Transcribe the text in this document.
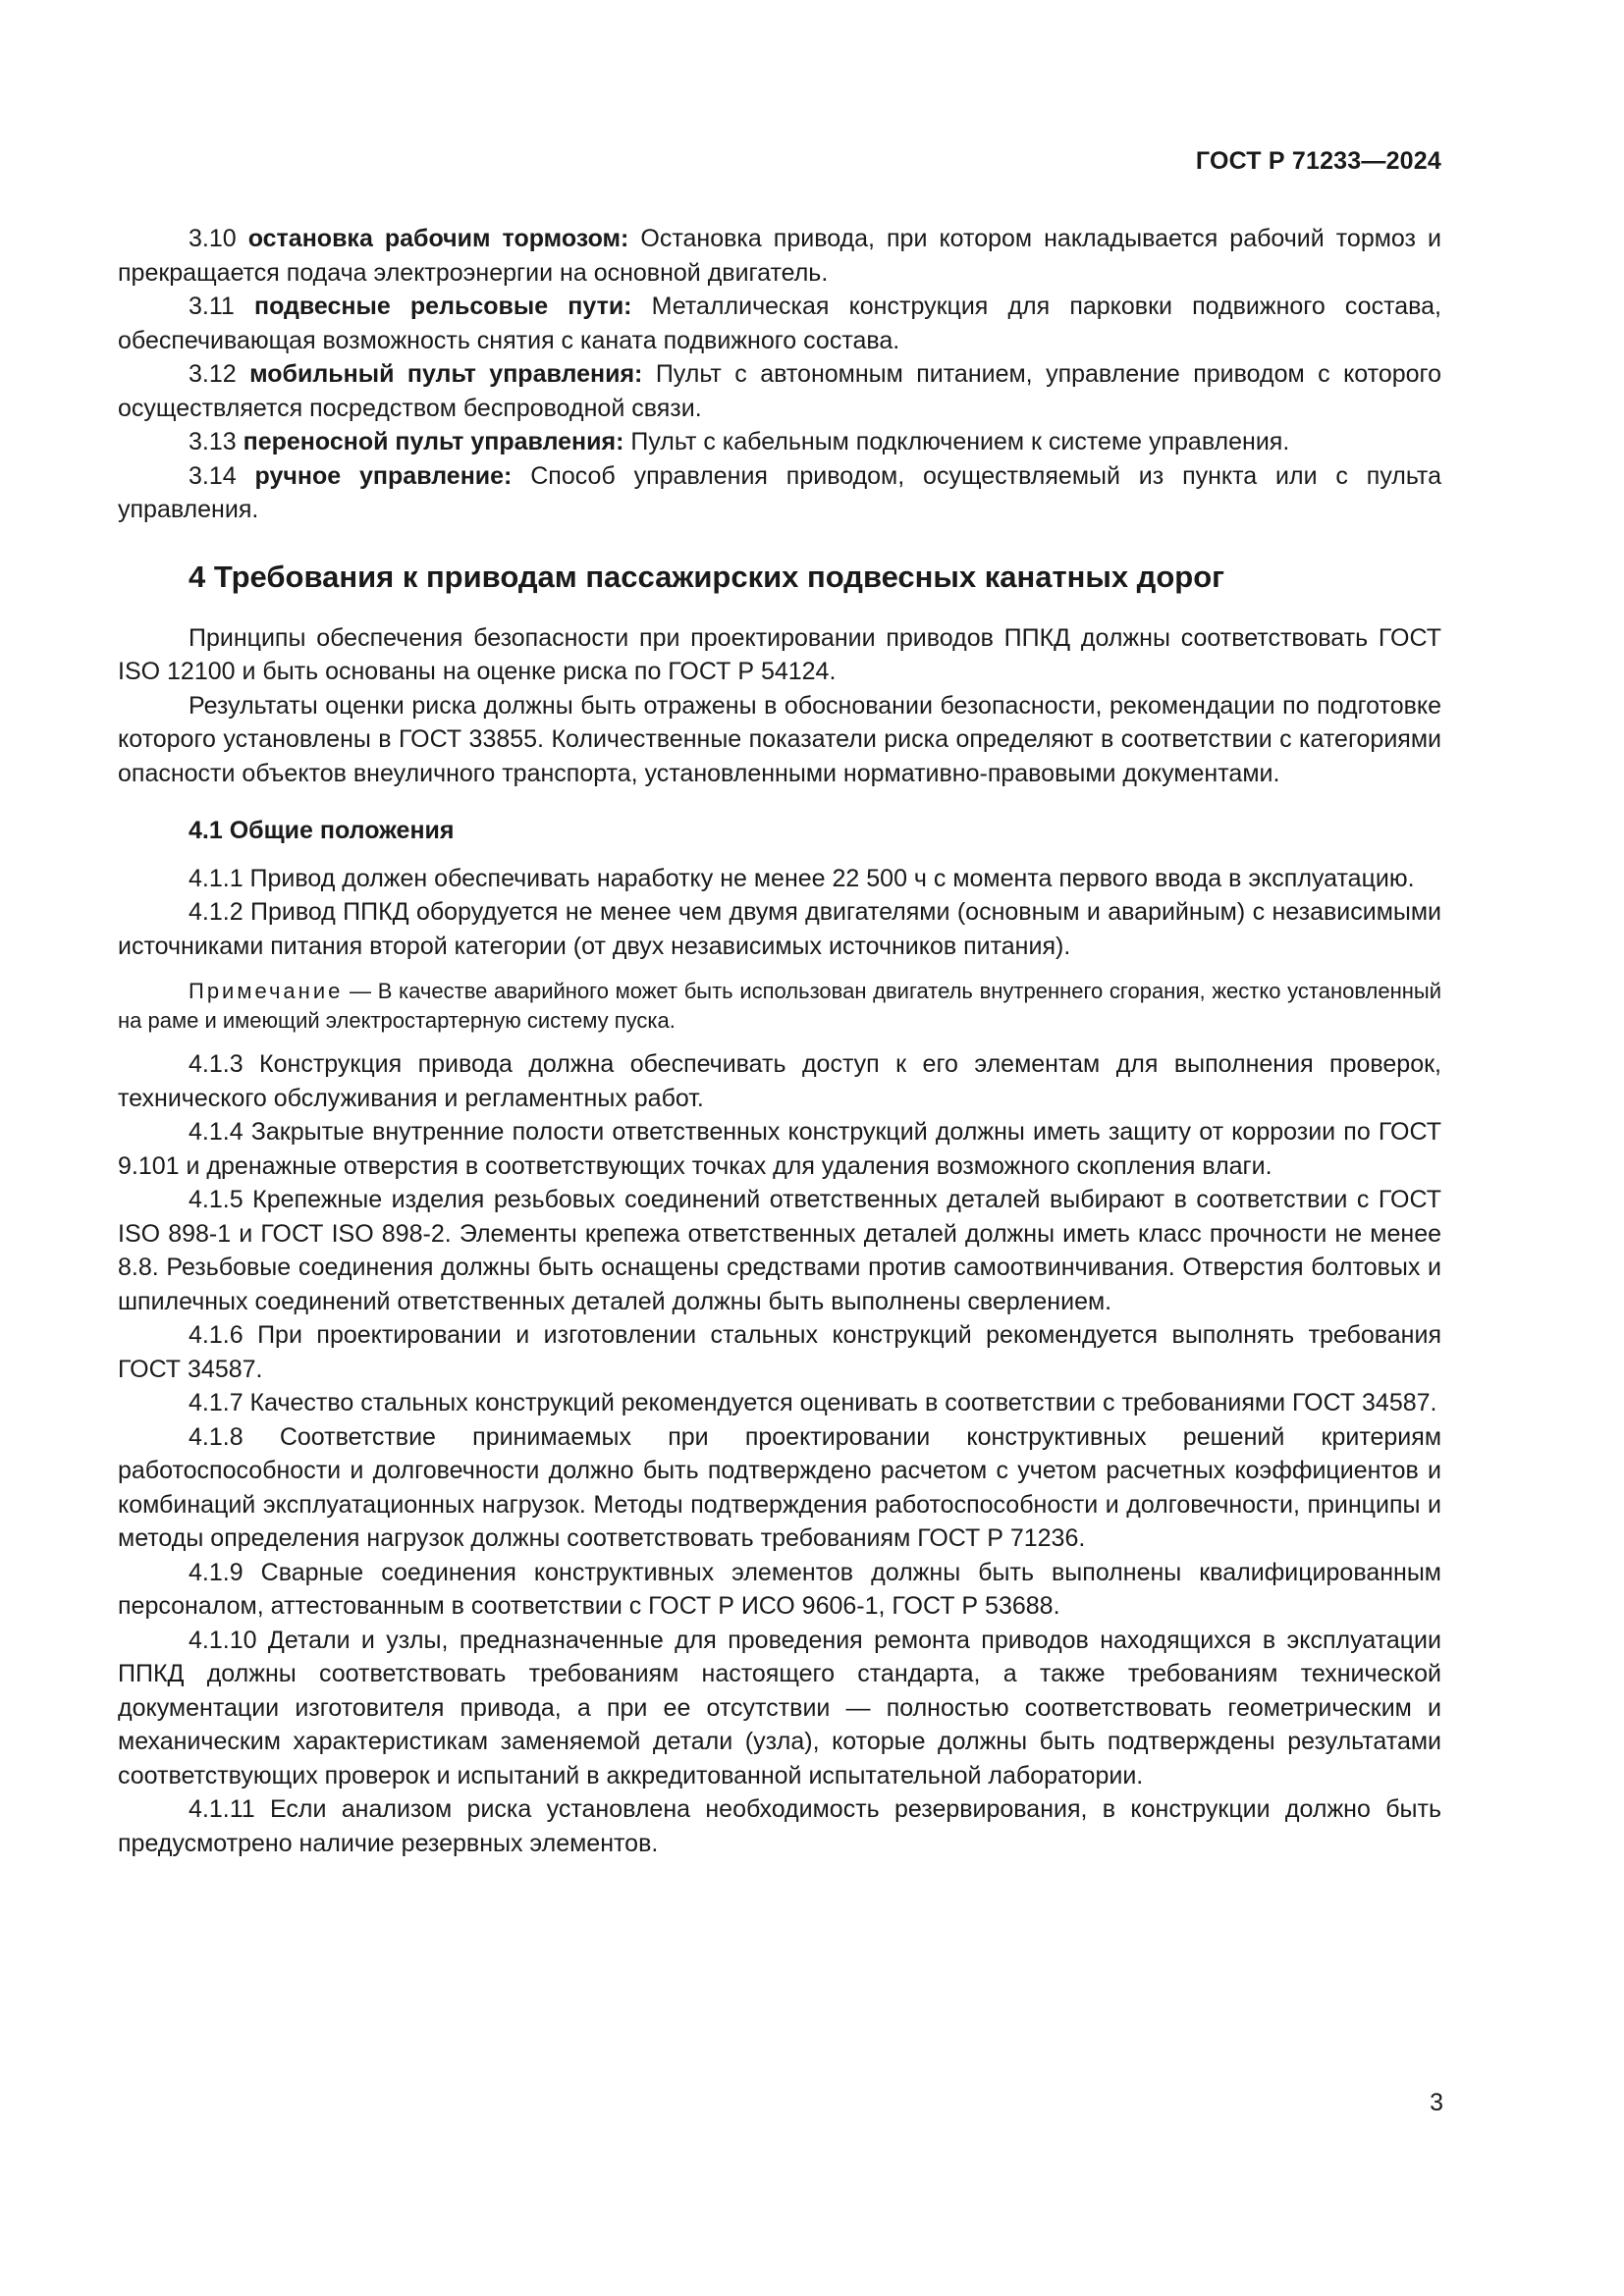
ГОСТ Р 71233—2024

3.10 остановка рабочим тормозом: Остановка привода, при котором накладывается рабочий тормоз и прекращается подача электроэнергии на основной двигатель.

3.11 подвесные рельсовые пути: Металлическая конструкция для парковки подвижного состава, обеспечивающая возможность снятия с каната подвижного состава.

3.12 мобильный пульт управления: Пульт с автономным питанием, управление приводом с которого осуществляется посредством беспроводной связи.

3.13 переносной пульт управления: Пульт с кабельным подключением к системе управления.

3.14 ручное управление: Способ управления приводом, осуществляемый из пункта или с пульта управления.

4 Требования к приводам пассажирских подвесных канатных дорог

Принципы обеспечения безопасности при проектировании приводов ППКД должны соответствовать ГОСТ ISO 12100 и быть основаны на оценке риска по ГОСТ Р 54124.

Результаты оценки риска должны быть отражены в обосновании безопасности, рекомендации по подготовке которого установлены в ГОСТ 33855. Количественные показатели риска определяют в соответствии с категориями опасности объектов внеуличного транспорта, установленными нормативно-правовыми документами.

4.1 Общие положения

4.1.1 Привод должен обеспечивать наработку не менее 22 500 ч с момента первого ввода в эксплуатацию.

4.1.2 Привод ППКД оборудуется не менее чем двумя двигателями (основным и аварийным) с независимыми источниками питания второй категории (от двух независимых источников питания).

Примечание — В качестве аварийного может быть использован двигатель внутреннего сгорания, жестко установленный на раме и имеющий электростартерную систему пуска.

4.1.3 Конструкция привода должна обеспечивать доступ к его элементам для выполнения проверок, технического обслуживания и регламентных работ.

4.1.4 Закрытые внутренние полости ответственных конструкций должны иметь защиту от коррозии по ГОСТ 9.101 и дренажные отверстия в соответствующих точках для удаления возможного скопления влаги.

4.1.5 Крепежные изделия резьбовых соединений ответственных деталей выбирают в соответствии с ГОСТ ISO 898-1 и ГОСТ ISO 898-2. Элементы крепежа ответственных деталей должны иметь класс прочности не менее 8.8. Резьбовые соединения должны быть оснащены средствами против самоотвинчивания. Отверстия болтовых и шпилечных соединений ответственных деталей должны быть выполнены сверлением.

4.1.6 При проектировании и изготовлении стальных конструкций рекомендуется выполнять требования ГОСТ 34587.

4.1.7 Качество стальных конструкций рекомендуется оценивать в соответствии с требованиями ГОСТ 34587.

4.1.8 Соответствие принимаемых при проектировании конструктивных решений критериям работоспособности и долговечности должно быть подтверждено расчетом с учетом расчетных коэффициентов и комбинаций эксплуатационных нагрузок. Методы подтверждения работоспособности и долговечности, принципы и методы определения нагрузок должны соответствовать требованиям ГОСТ Р 71236.

4.1.9 Сварные соединения конструктивных элементов должны быть выполнены квалифицированным персоналом, аттестованным в соответствии с ГОСТ Р ИСО 9606-1, ГОСТ Р 53688.

4.1.10 Детали и узлы, предназначенные для проведения ремонта приводов находящихся в эксплуатации ППКД должны соответствовать требованиям настоящего стандарта, а также требованиям технической документации изготовителя привода, а при ее отсутствии — полностью соответствовать геометрическим и механическим характеристикам заменяемой детали (узла), которые должны быть подтверждены результатами соответствующих проверок и испытаний в аккредитованной испытательной лаборатории.

4.1.11 Если анализом риска установлена необходимость резервирования, в конструкции должно быть предусмотрено наличие резервных элементов.

3
